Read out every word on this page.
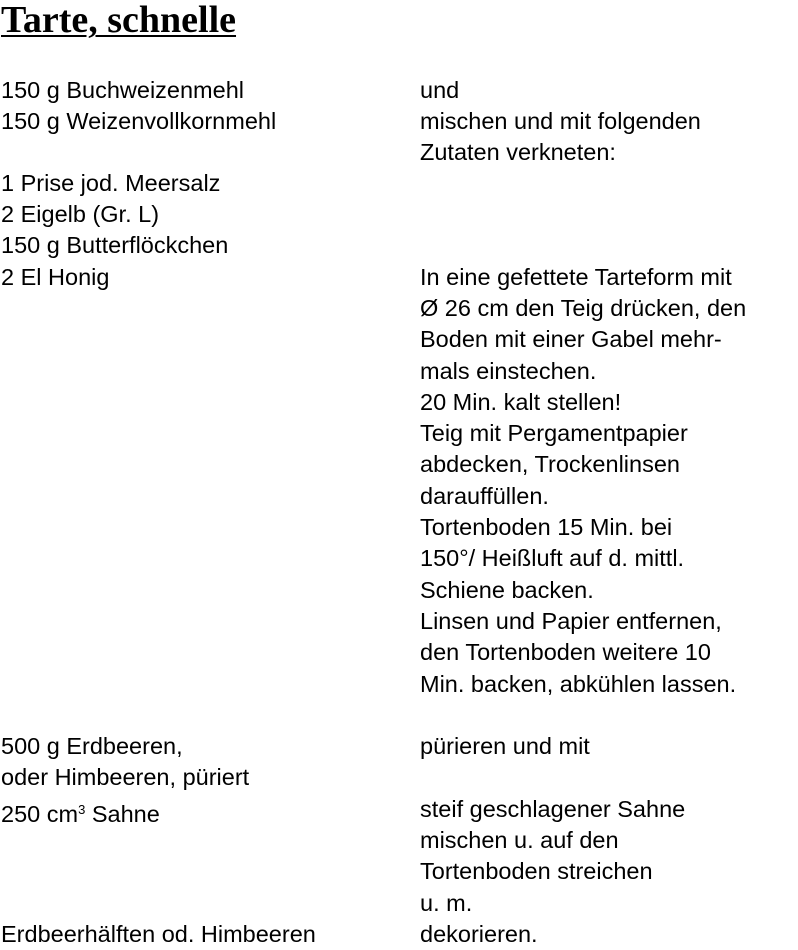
Tarte, schnelle
150 g Buchweizenmehl
150 g Weizenvollkornmehl
1 Prise jod. Meersalz
2 Eigelb (Gr. L)
150 g Butterflöckchen
2 El Honig
500 g Erdbeeren,
oder Himbeeren, püriert
250 $cm^3$ Sahne
Erdbeerhälften od. Himbeeren
und
mischen und mit folgenden
Zutaten verkneten:
In eine gefettete Tarteform mit
Ø 26 cm den Teig drücken, den
Boden mit einer Gabel mehr-
mals einstechen.
20 Min. kalt stellen!
Teig mit Pergamentpapier
abdecken, Trockenlinsen
darauffüllen.
Tortenboden 15 Min. bei
150°/ Heißluft auf d. mittl.
Schiene backen.
Linsen und Papier entfernen,
den Tortenboden weitere 10
Min. backen, abkühlen lassen.
pürieren und mit
steif geschlagener Sahne
mischen u. auf den
Tortenboden streichen
u. m.
dekorieren.
